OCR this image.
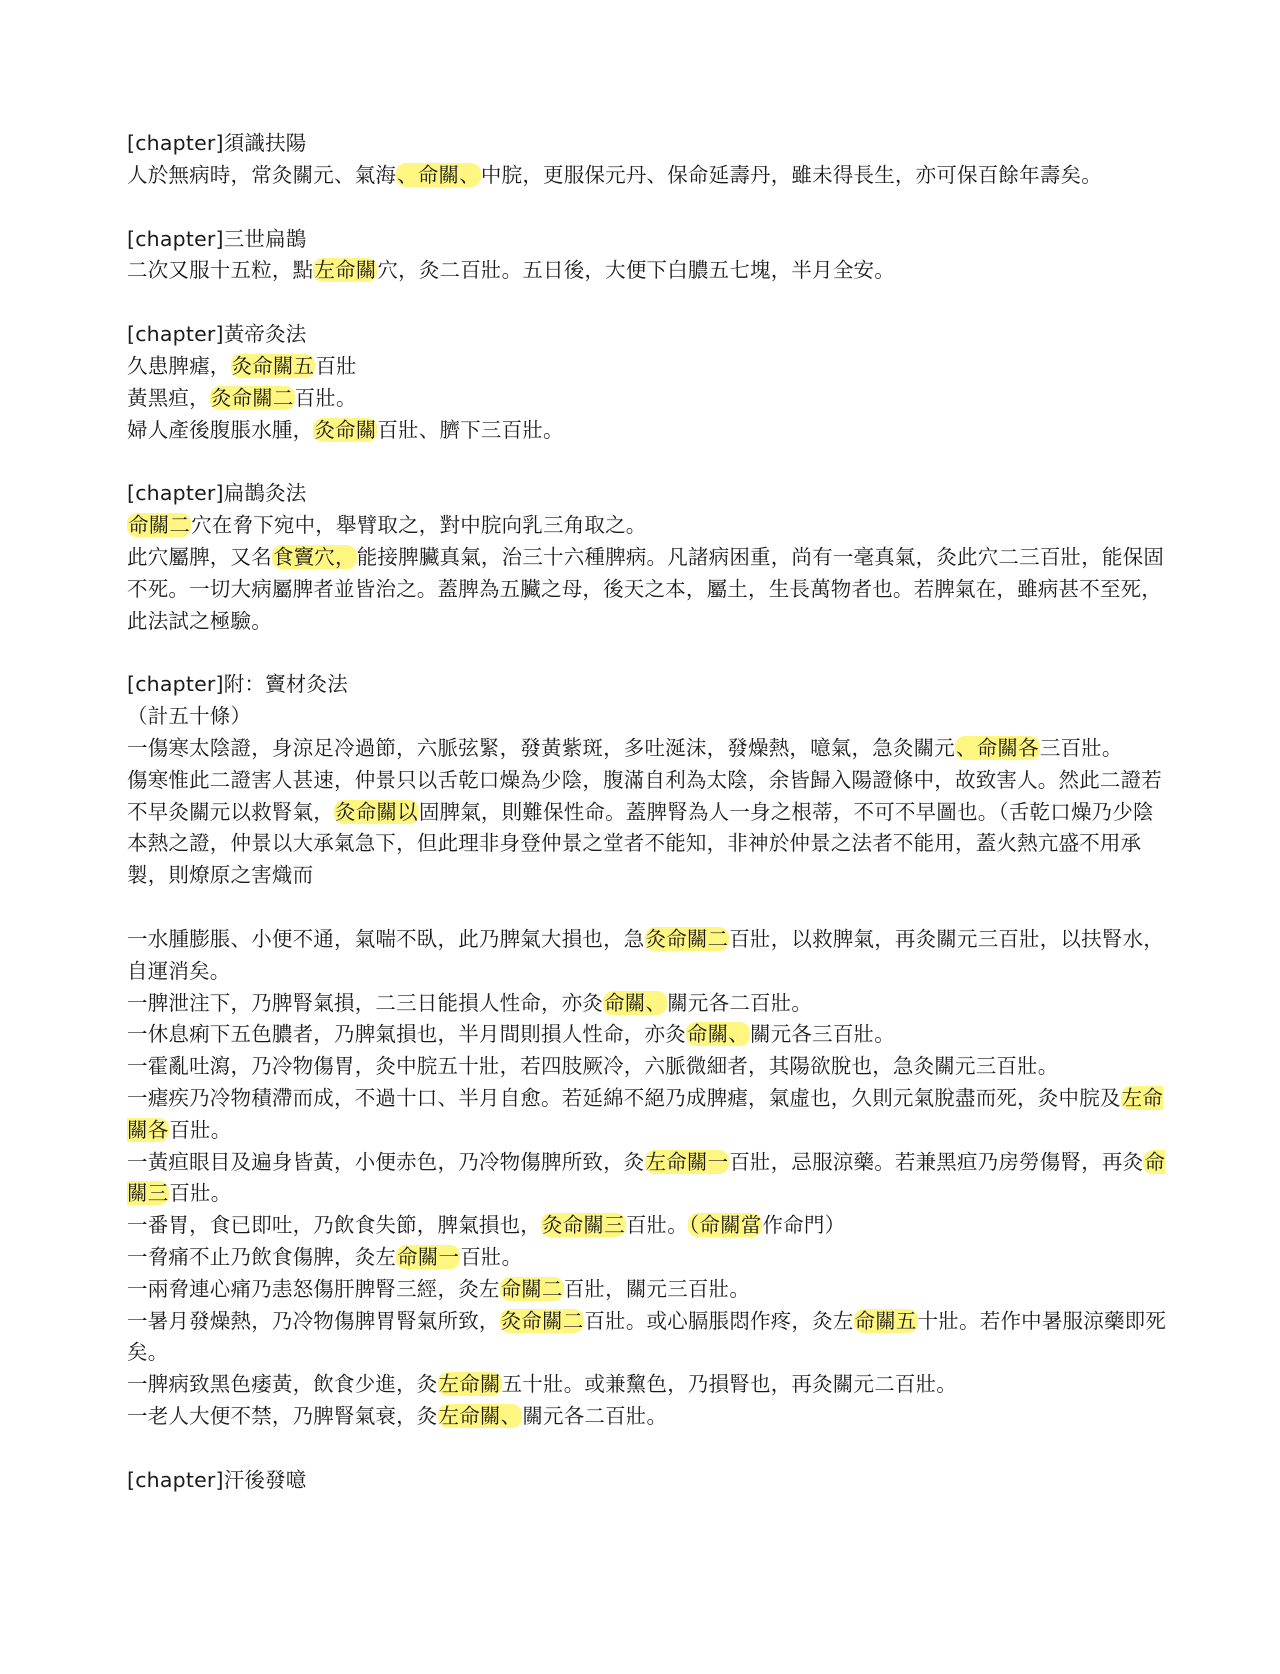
[chapter]須識扶陽

人於無病時，常灸關元、氣海、命關、中脘，更服保元丹、保命延壽丹，雖未得長生，亦可保百餘年壽矣。

[chapter]三世扁鵲

二次又服十五粒，點左命關穴，灸二百壯。五日後，大便下白膿五七塊，半月全安。

[chapter]黃帝灸法

久患脾瘧，灸命關五百壯

黃黑疸，灸命關二百壯。

婦人產後腹脹水腫，灸命關百壯、臍下三百壯。

[chapter]扁鵲灸法

命關二穴在脅下宛中，舉臂取之，對中脘向乳三角取之。

此穴屬脾，又名食竇穴，能接脾臟真氣，治三十六種脾病。凡諸病困重，尚有一毫真氣，灸此穴二三百壯，能保固不死。一切大病屬脾者並皆治之。蓋脾為五臟之母，後天之本，屬土，生長萬物者也。若脾氣在，雖病甚不至死，此法試之極驗。

[chapter]附：竇材灸法

（計五十條）

一傷寒太陰證，身涼足冷過節，六脈弦緊，發黃紫斑，多吐涎沫，發燥熱，噫氣，急灸關元、命關各三百壯。

傷寒惟此二證害人甚速，仲景只以舌乾口燥為少陰，腹滿自利為太陰，余皆歸入陽證條中，故致害人。然此二證若不早灸關元以救腎氣，灸命關以固脾氣，則難保性命。蓋脾腎為人一身之根蒂，不可不早圖也。（舌乾口燥乃少陰本熱之證，仲景以大承氣急下，但此理非身登仲景之堂者不能知，非神於仲景之法者不能用，蓋火熱亢盛不用承製，則燎原之害熾而

一水腫膨脹、小便不通，氣喘不臥，此乃脾氣大損也，急灸命關二百壯，以救脾氣，再灸關元三百壯，以扶腎水，自運消矣。

一脾泄注下，乃脾腎氣損，二三日能損人性命，亦灸命關、關元各二百壯。

一休息痢下五色膿者，乃脾氣損也，半月間則損人性命，亦灸命關、關元各三百壯。

一霍亂吐瀉，乃冷物傷胃，灸中脘五十壯，若四肢厥冷，六脈微細者，其陽欲脫也，急灸關元三百壯。

一瘧疾乃冷物積滯而成，不過十口、半月自愈。若延綿不絕乃成脾瘧，氣虛也，久則元氣脫盡而死，灸中脘及左命關各百壯。

一黃疸眼目及遍身皆黃，小便赤色，乃冷物傷脾所致，灸左命關一百壯，忌服涼藥。若兼黑疸乃房勞傷腎，再灸命關三百壯。

一番胃，食已即吐，乃飲食失節，脾氣損也，灸命關三百壯。（命關當作命門）

一脅痛不止乃飲食傷脾，灸左命關一百壯。

一兩脅連心痛乃恚怒傷肝脾腎三經，灸左命關二百壯，關元三百壯。

一暑月發燥熱，乃冷物傷脾胃腎氣所致，灸命關二百壯。或心膈脹悶作疼，灸左命關五十壯。若作中暑服涼藥即死矣。

一脾病致黑色痿黃，飲食少進，灸左命關五十壯。或兼黧色，乃損腎也，再灸關元二百壯。

一老人大便不禁，乃脾腎氣衰，灸左命關、關元各二百壯。

[chapter]汗後發噫
